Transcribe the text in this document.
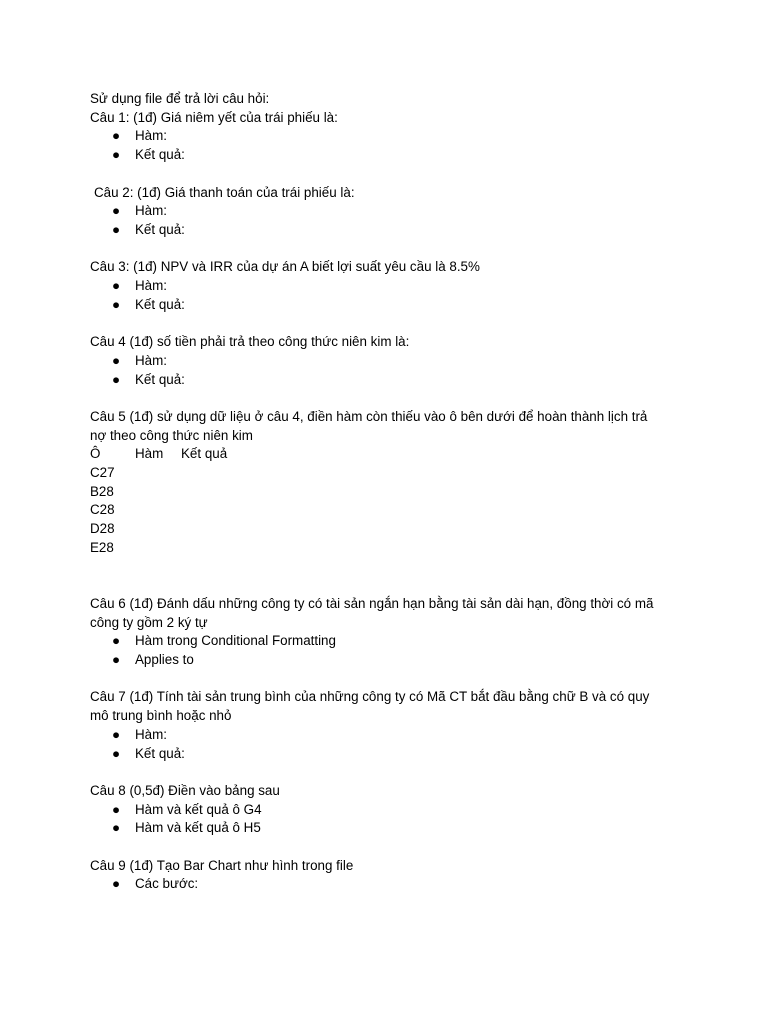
Sử dụng file để trả lời câu hỏi:

Câu 1: (1đ) Giá niêm yết của trái phiếu là:

● Hàm:
● Kết quả:

Câu 2: (1đ) Giá thanh toán của trái phiếu là:

● Hàm:
● Kết quả:

Câu 3: (1đ) NPV và IRR của dự án A biết lợi suất yêu cầu là 8.5%

● Hàm:
● Kết quả:

Câu 4 (1đ) số tiền phải trả theo công thức niên kim là:

● Hàm:
● Kết quả:

Câu 5 (1đ) sử dụng dữ liệu ở câu 4, điền hàm còn thiếu vào ô bên dưới để hoàn thành lịch trả

nợ theo công thức niên kim

Ô	Hàm	Kết quả

C27

B28

C28

D28

E28

Câu 6 (1đ) Đánh dấu những công ty có tài sản ngắn hạn bằng tài sản dài hạn, đồng thời có mã

công ty gồm 2 ký tự

● Hàm trong Conditional Formatting
● Applies to

Câu 7 (1đ) Tính tài sản trung bình của những công ty có Mã CT bắt đầu bằng chữ B và có quy

mô trung bình hoặc nhỏ

● Hàm:
● Kết quả:

Câu 8 (0,5đ) Điền vào bảng sau

● Hàm và kết quả ô G4
● Hàm và kết quả ô H5

Câu 9 (1đ) Tạo Bar Chart như hình trong file

● Các bước:
